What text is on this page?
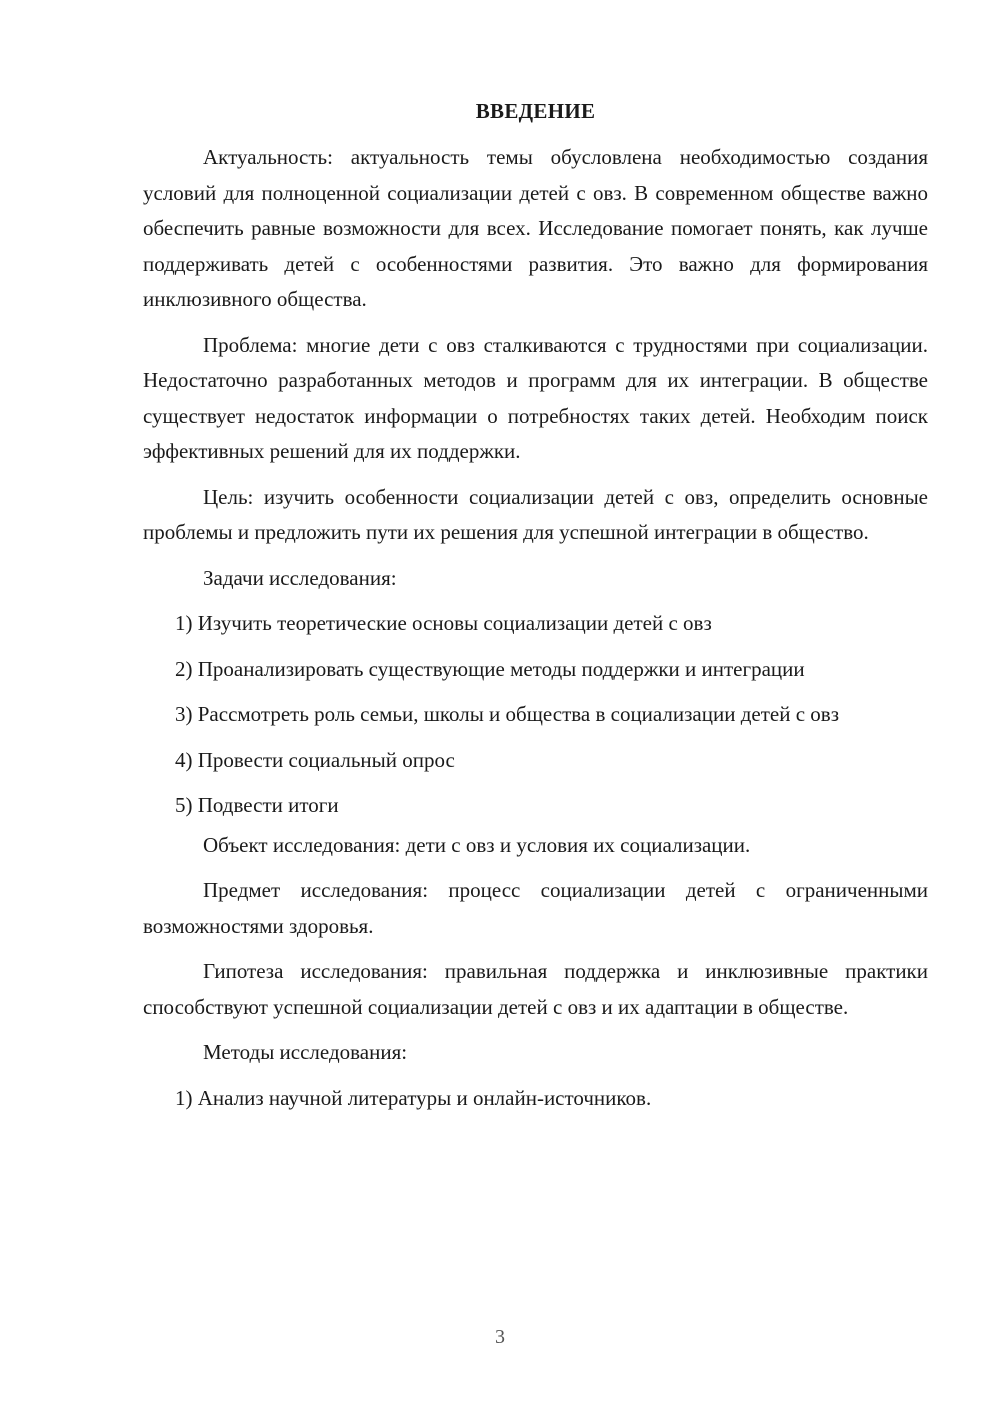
ВВЕДЕНИЕ

Актуальность: актуальность темы обусловлена необходимостью создания условий для полноценной социализации детей с овз. В современном обществе важно обеспечить равные возможности для всех. Исследование помогает понять, как лучше поддерживать детей с особенностями развития. Это важно для формирования инклюзивного общества.

Проблема: многие дети с овз сталкиваются с трудностями при социализации. Недостаточно разработанных методов и программ для их интеграции. В обществе существует недостаток информации о потребностях таких детей. Необходим поиск эффективных решений для их поддержки.

Цель: изучить особенности социализации детей с овз, определить основные проблемы и предложить пути их решения для успешной интеграции в общество.

Задачи исследования:

1) Изучить теоретические основы социализации детей с овз

2) Проанализировать существующие методы поддержки и интеграции

3) Рассмотреть роль семьи, школы и общества в социализации детей с овз

4) Провести социальный опрос

5) Подвести итоги

Объект исследования: дети с овз и условия их социализации.

Предмет исследования: процесс социализации детей с ограниченными возможностями здоровья.

Гипотеза исследования: правильная поддержка и инклюзивные практики способствуют успешной социализации детей с овз и их адаптации в обществе.

Методы исследования:

1) Анализ научной литературы и онлайн-источников.

3
